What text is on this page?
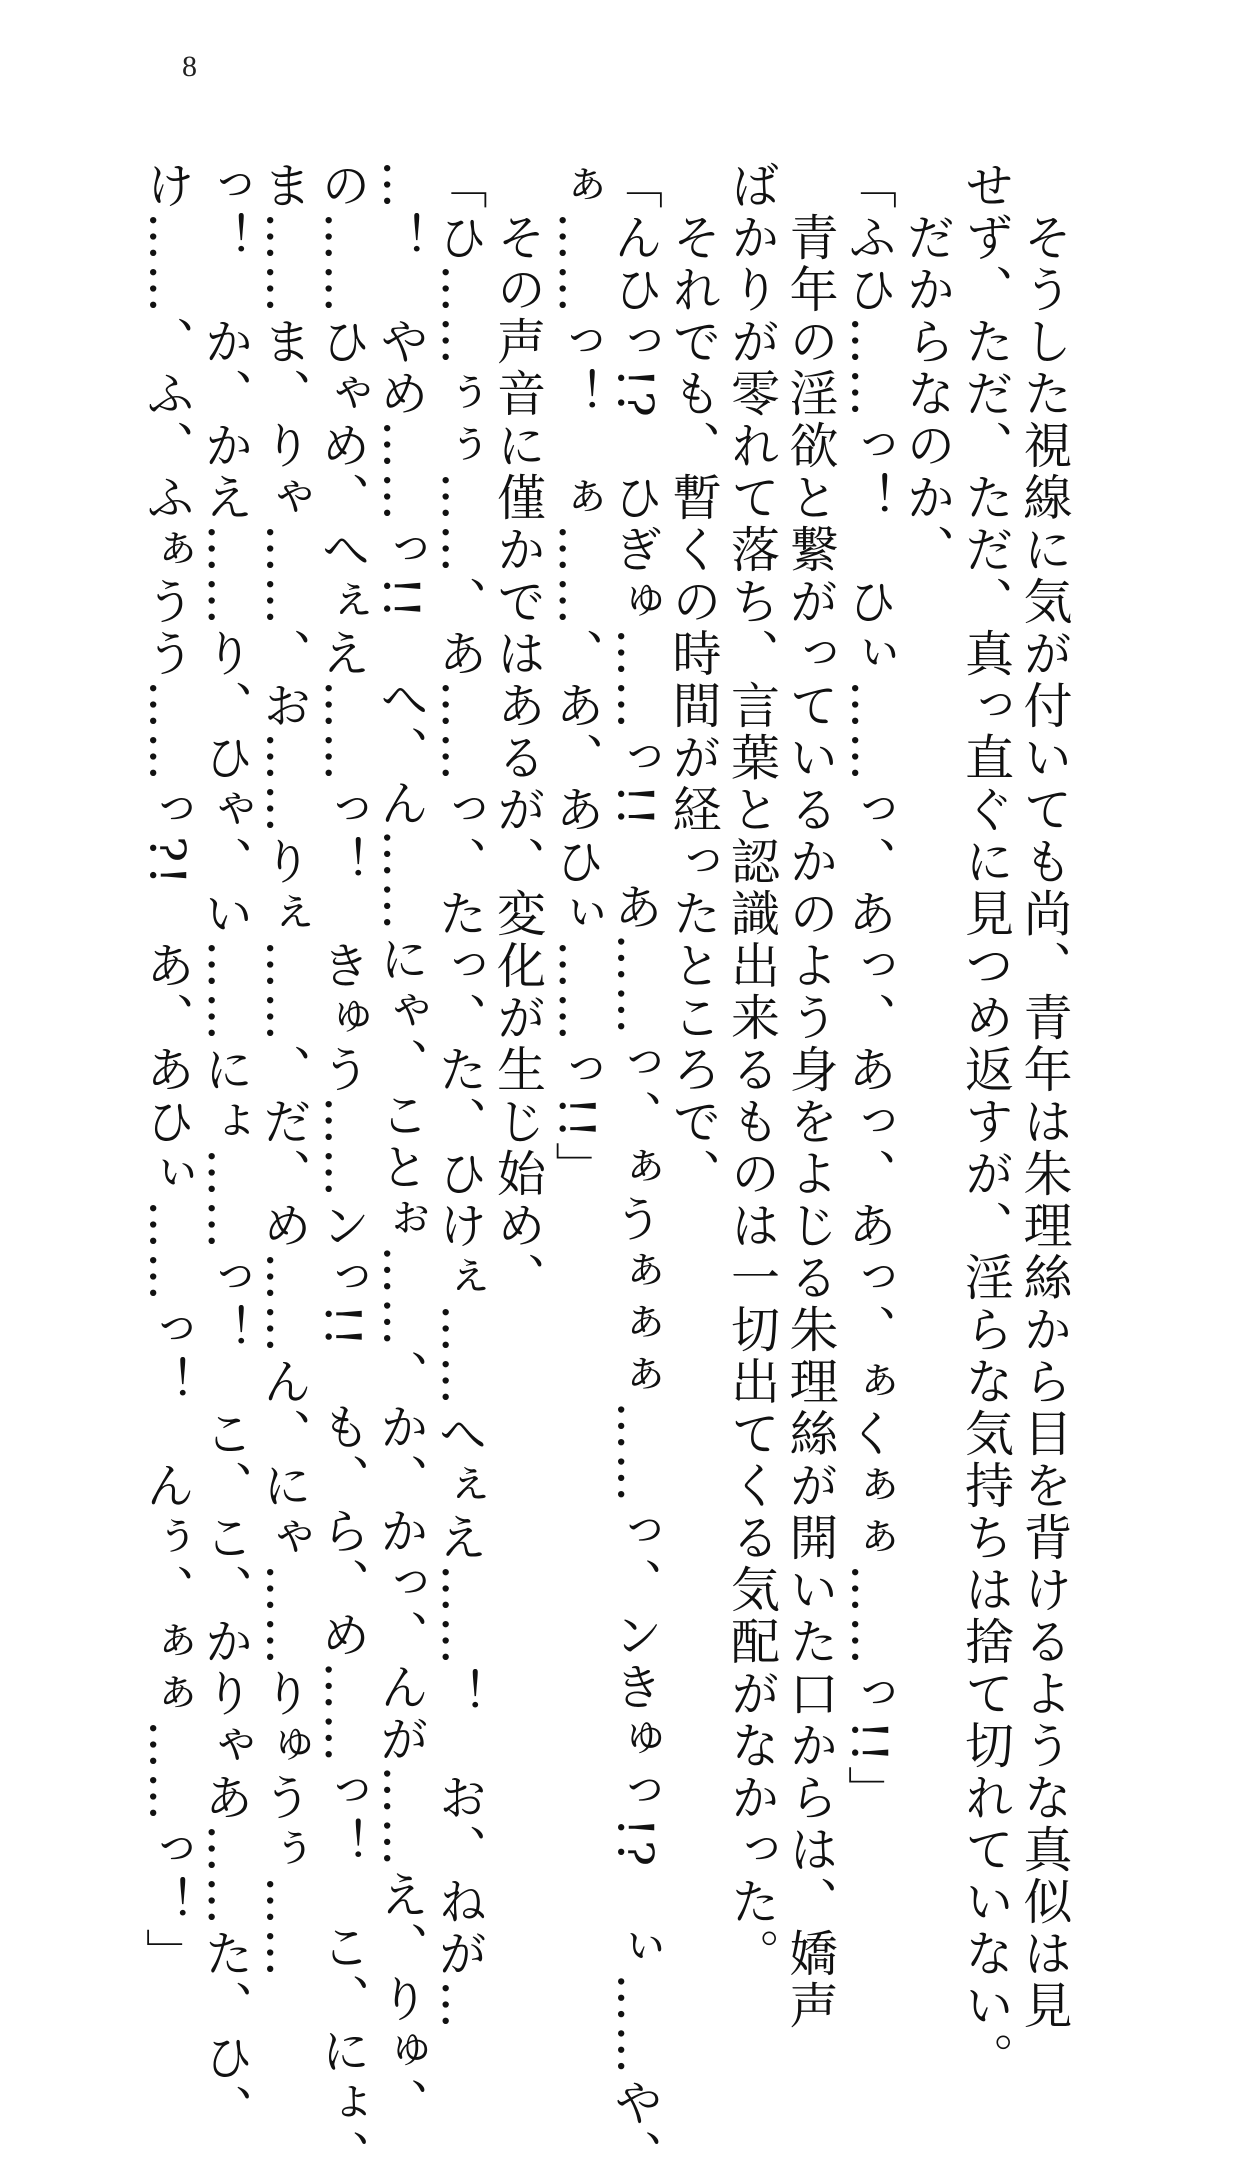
8

　そうした視線に気が付いても尚、青年は朱理絲から目を背けるような真似は見

せず、ただ、ただ、真っ直ぐに見つめ返すが、淫らな気持ちは捨て切れていない。

　だからなのか、

「ふひ……っ！　ひぃ……っ、あっ、あっ、あっ、ぁくぁぁ……っ!!」

　青年の淫欲と繋がっているかのよう身をよじる朱理絲が開いた口からは、嬌声

ばかりが零れて落ち、言葉と認識出来るものは一切出てくる気配がなかった。

　それでも、暫くの時間が経ったところで、

「んひっ!?　ひぎゅ……っ!!　あ……っ、ぁうぁぁぁ……っ、ンきゅっ!?　ぃ……や、

ぁ……っ！　ぁ……、あ、あひぃ……っ!!」

　その声音に僅かではあるが、変化が生じ始め、

「ひ……ぅぅ……、あ……っ、たっ、た、ひけぇ……へぇえ……！　お、ねが…

…！　やめ……っ!!　へ、ん……にゃ、ことぉ……、か、かっ、んが……え、りゅ、

の……ひゃめ、へぇえ……っ！　きゅう……ンっ!!　も、ら、め……っ！　こ、にょ、

ま……ま、りゃ……、お……りぇ……、だ、め……ん、にゃ……りゅうぅ……

っ！　か、かえ……り、ひゃ、い……にょ……っ！　こ、こ、かりゃあ……た、ひ、

け……、ふ、ふぁうう……っ?!　あ、あひぃ……っ！　んぅ、ぁぁ……っ！」
